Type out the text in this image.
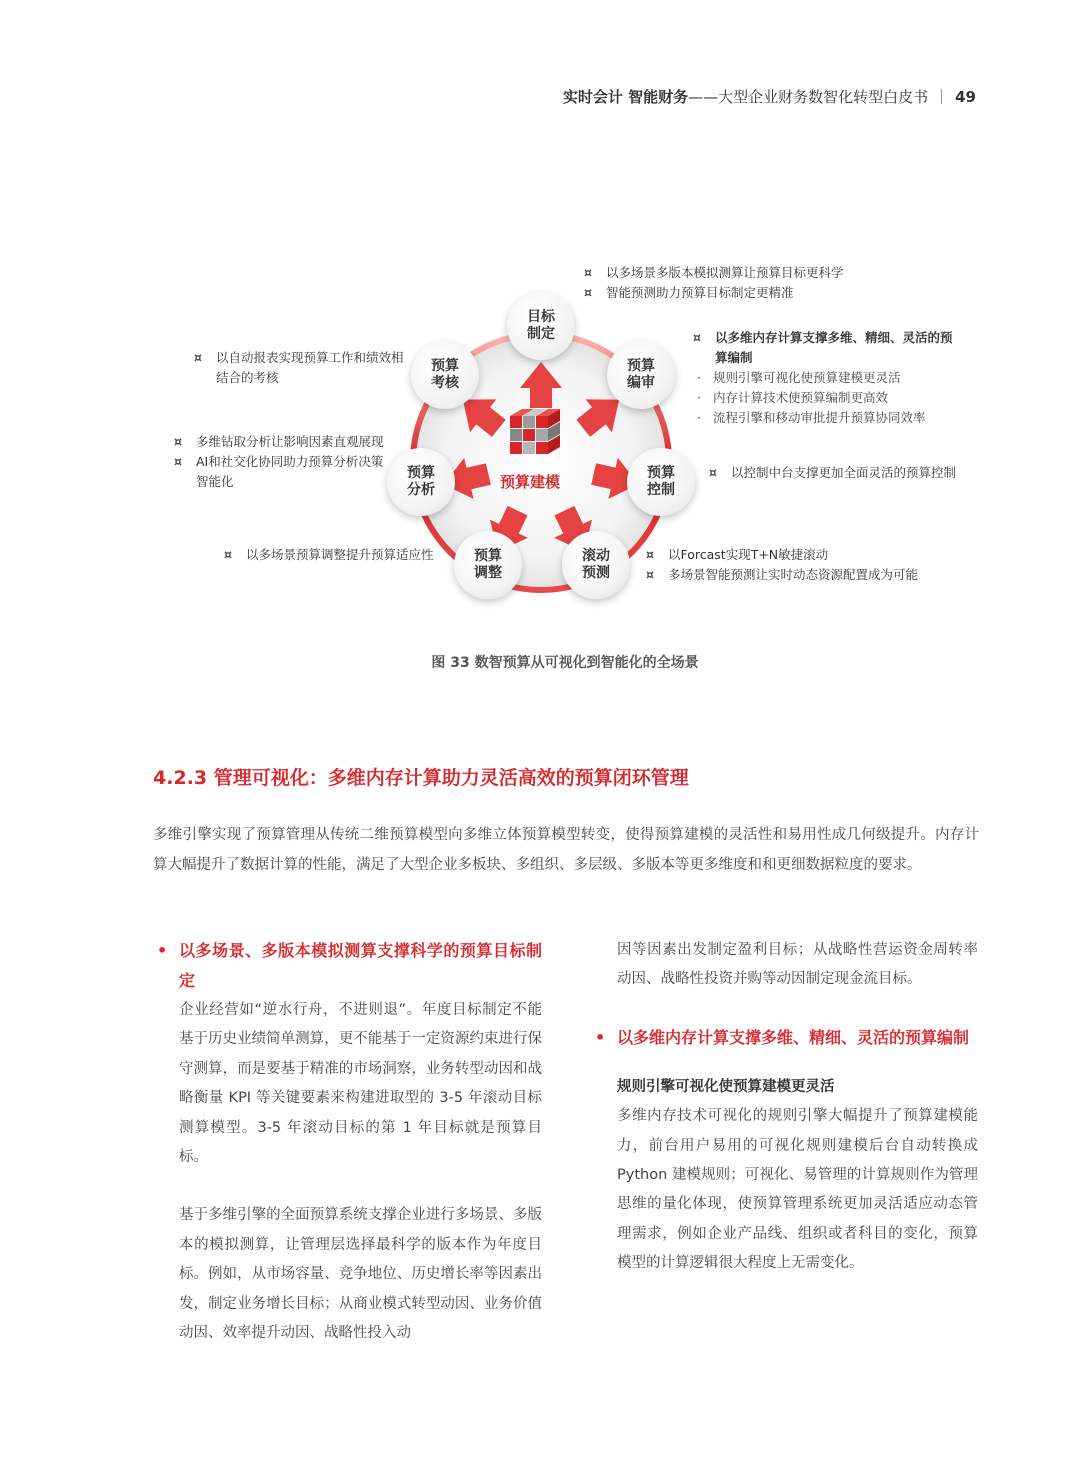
实时会计 智能财务——大型企业财务数智化转型白皮书 49
预算建模
目标制定
预算编审
预算控制
滚动预测
预算调整
预算分析
预算考核
¤ 以多场景多版本模拟测算让预算目标更科学
¤ 智能预测助力预算目标制定更精准
¤ 以多维内存计算支撑多维、精细、灵活的预算编制
· 规则引擎可视化使预算建模更灵活
· 内存计算技术使预算编制更高效
· 流程引擎和移动审批提升预算协同效率
¤ 以控制中台支撑更加全面灵活的预算控制
¤ 以Forcast实现T+N敏捷滚动
¤ 多场景智能预测让实时动态资源配置成为可能
¤ 以多场景预算调整提升预算适应性
¤ 多维钻取分析让影响因素直观展现
¤ AI和社交化协同助力预算分析决策智能化
¤ 以自动报表实现预算工作和绩效相结合的考核
图 33 数智预算从可视化到智能化的全场景
4.2.3 管理可视化：多维内存计算助力灵活高效的预算闭环管理
多维引擎实现了预算管理从传统二维预算模型向多维立体预算模型转变，使得预算建模的灵活性和易用性成几何级提升。内存计算大幅提升了数据计算的性能，满足了大型企业多板块、多组织、多层级、多版本等更多维度和和更细数据粒度的要求。
• 以多场景、多版本模拟测算支撑科学的预算目标制定

企业经营如“逆水行舟，不进则退”。年度目标制定不能基于历史业绩简单测算，更不能基于一定资源约束进行保守测算，而是要基于精准的市场洞察，业务转型动因和战略衡量 KPI 等关键要素来构建进取型的 3-5 年滚动目标测算模型。3-5 年滚动目标的第 1 年目标就是预算目标。

基于多维引擎的全面预算系统支撑企业进行多场景、多版本的模拟测算，让管理层选择最科学的版本作为年度目标。例如，从市场容量、竞争地位、历史增长率等因素出发，制定业务增长目标；从商业模式转型动因、业务价值动因、效率提升动因、战略性投入动

因等因素出发制定盈利目标；从战略性营运资金周转率动因、战略性投资并购等动因制定现金流目标。

• 以多维内存计算支撑多维、精细、灵活的预算编制

规则引擎可视化使预算建模更灵活

多维内存技术可视化的规则引擎大幅提升了预算建模能力，前台用户易用的可视化规则建模后台自动转换成 Python 建模规则；可视化、易管理的计算规则作为管理思维的量化体现，使预算管理系统更加灵活适应动态管理需求，例如企业产品线、组织或者科目的变化，预算模型的计算逻辑很大程度上无需变化。
